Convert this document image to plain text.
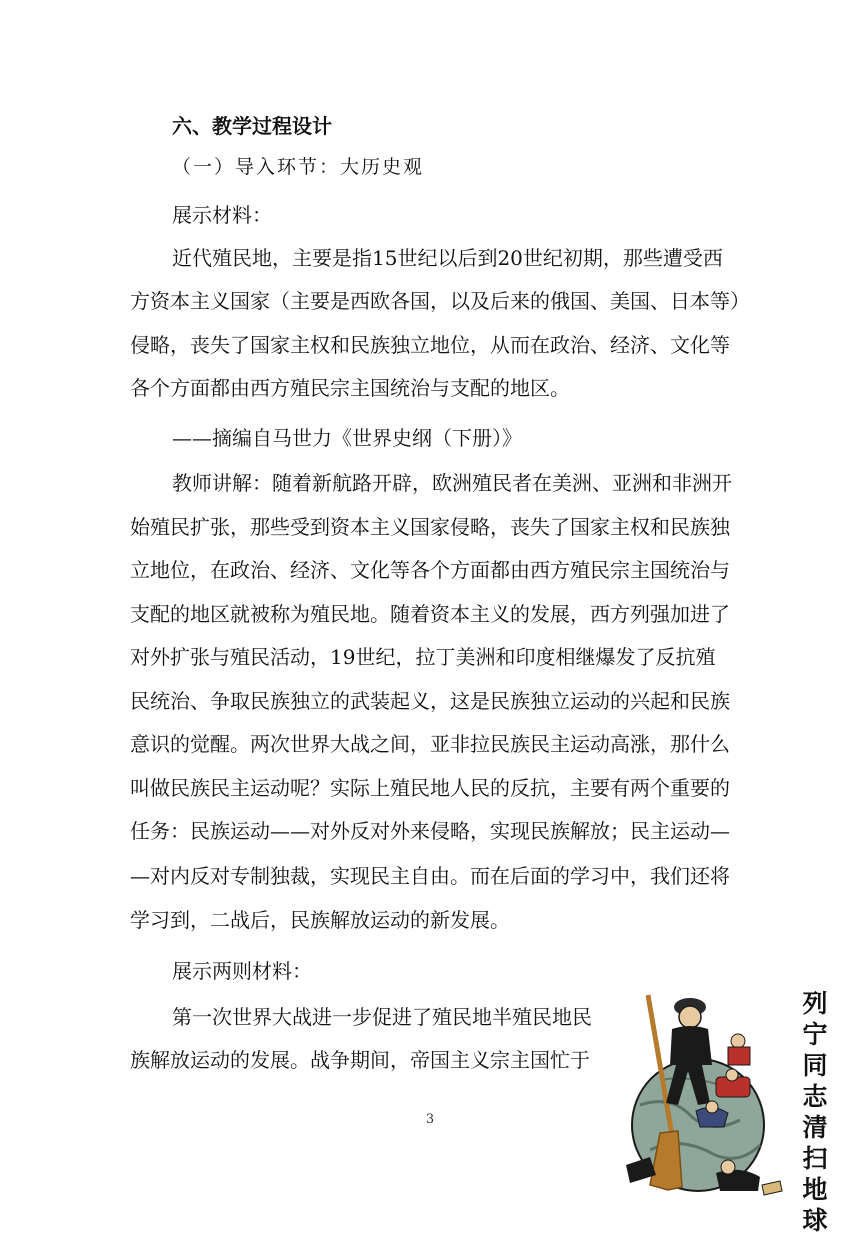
六、教学过程设计
（一）导入环节：大历史观
展示材料：
近代殖民地，主要是指15世纪以后到20世纪初期，那些遭受西
方资本主义国家（主要是西欧各国，以及后来的俄国、美国、日本等）
侵略，丧失了国家主权和民族独立地位，从而在政治、经济、文化等
各个方面都由西方殖民宗主国统治与支配的地区。
——摘编自马世力《世界史纲（下册）》
教师讲解：随着新航路开辟，欧洲殖民者在美洲、亚洲和非洲开
始殖民扩张，那些受到资本主义国家侵略，丧失了国家主权和民族独
立地位，在政治、经济、文化等各个方面都由西方殖民宗主国统治与
支配的地区就被称为殖民地。随着资本主义的发展，西方列强加进了
对外扩张与殖民活动，19世纪，拉丁美洲和印度相继爆发了反抗殖
民统治、争取民族独立的武装起义，这是民族独立运动的兴起和民族
意识的觉醒。两次世界大战之间，亚非拉民族民主运动高涨，那什么
叫做民族民主运动呢？实际上殖民地人民的反抗，主要有两个重要的
任务：民族运动——对外反对外来侵略，实现民族解放；民主运动—
—对内反对专制独裁，实现民主自由。而在后面的学习中，我们还将
学习到，二战后，民族解放运动的新发展。
展示两则材料：
第一次世界大战进一步促进了殖民地半殖民地民
族解放运动的发展。战争期间，帝国主义宗主国忙于
3
列宁同志清扫地球
